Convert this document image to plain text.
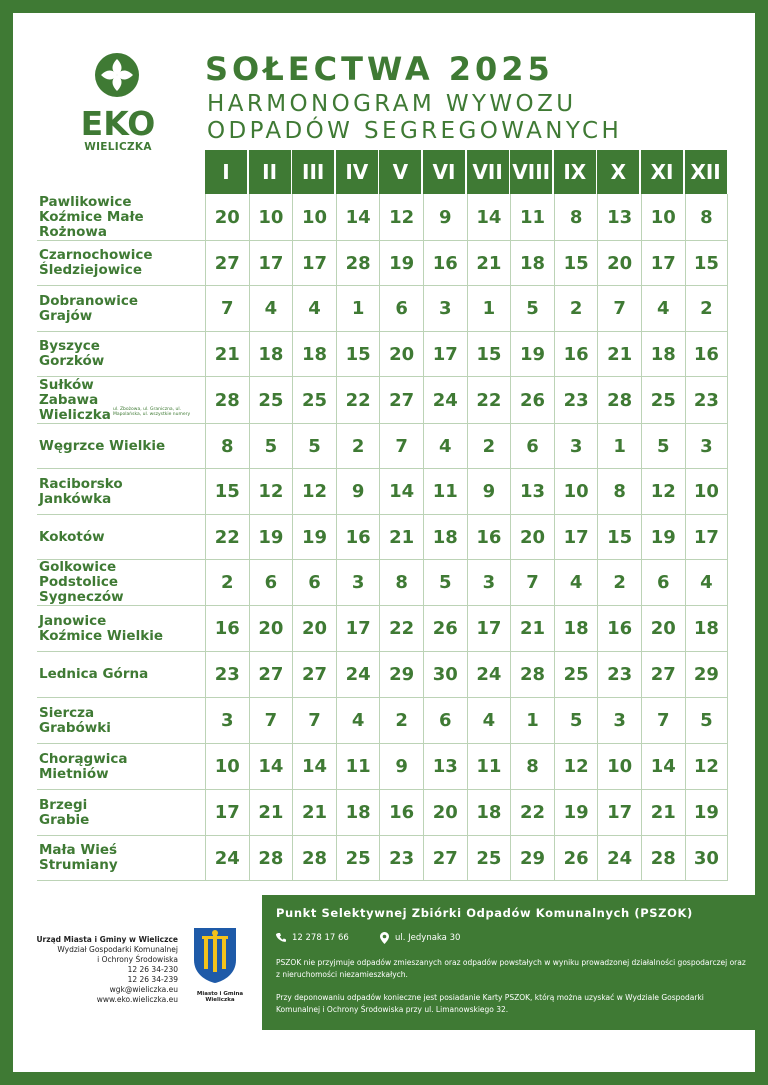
EKO
WIELICZKA
SOŁECTWA 2025
HARMONOGRAM WYWOZU
ODPADÓW SEGREGOWANYCH
I	II	III	IV	V	VI VII VIII IX	X	XI XII
Pawlikowice
Koźmice Małe
Rożnowa
20	10	10	14	12	9	14	11	8	13	10	8
Czarnochowice
Śledziejowice	27	17	17	28	19	16	21	18	15	20	17	15
Dobranowice
Grajów	7	4	4	1	6	3	1	5	2	7	4	2
Byszyce
Gorzków	21	18	18	15	20	17	15	19	16	21	18	16
Sułków
Zabawa
Wieliczka ul. Zbożowa, ul. Graniczna, ul. Mapolańska, ul. wszystkie numery
28	25	25	22	27	24	22	26	23	28	25	23
Węgrzce Wielkie	8	5	5	2	7	4	2	6	3	1	5	3
Raciborsko
Jankówka	15	12	12	9	14	11	9	13	10	8	12	10
Kokotów	22	19	19	16	21	18	16	20	17	15	19	17
Golkowice
Podstolice
Sygneczów
2	6	6	3	8	5	3	7	4	2	6	4
Janowice
Koźmice Wielkie	16	20	20	17	22	26	17	21	18	16	20	18
Lednica Górna	23	27	27	24	29	30	24	28	25	23	27	29
Siercza
Grabówki	3	7	7	4	2	6	4	1	5	3	7	5
Chorągwica
Mietniów	10	14	14	11	9	13	11	8	12	10	14	12
Brzegi
Grabie	17	21	21	18	16	20	18	22	19	17	21	19
Mała Wieś
Strumiany	24	28	28	25	23	27	25	29	26	24	28	30
Urząd Miasta i Gminy w Wieliczce
Wydział Gospodarki Komunalnej
i Ochrony Środowiska
12 26 34-230
12 26 34-239
wgk@wieliczka.eu
www.eko.wieliczka.eu
Miasto i Gmina Wieliczka
Punkt Selektywnej Zbiórki Odpadów Komunalnych (PSZOK)
12 278 17 66	ul. Jedynaka 30
PSZOK nie przyjmuje odpadów zmieszanych oraz odpadów powstałych w wyniku prowadzonej działalności gospodarczej oraz z nieruchomości niezamieszkałych.
Przy deponowaniu odpadów konieczne jest posiadanie Karty PSZOK, którą można uzyskać w Wydziale Gospodarki Komunalnej i Ochrony Środowiska przy ul. Limanowskiego 32.
